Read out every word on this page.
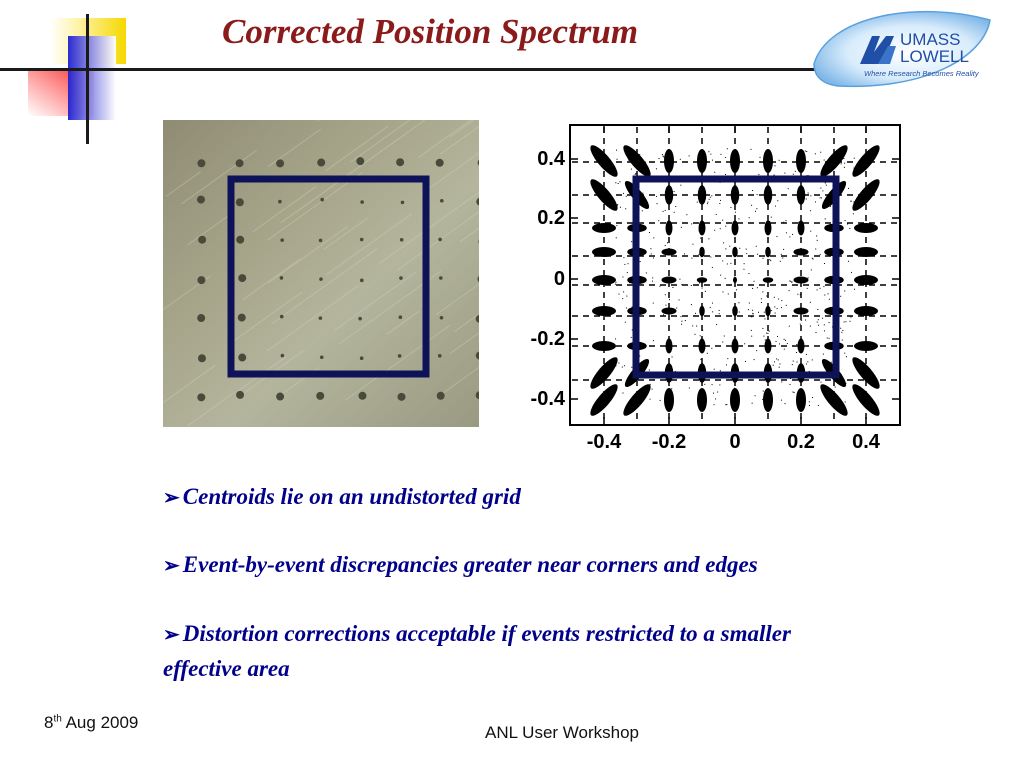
Corrected Position Spectrum	UMASS
LOWELL
Where Research Becomes Reality
0.4
0.2
0
-0.2
-0.4
-0.4 -0.2 0 0.2 0.4
➢ Centroids lie on an undistorted grid
➢ Event-by-event discrepancies greater near corners and edges
➢ Distortion corrections acceptable if events restricted to a smaller effective area
8th Aug 2009
ANL User Workshop
